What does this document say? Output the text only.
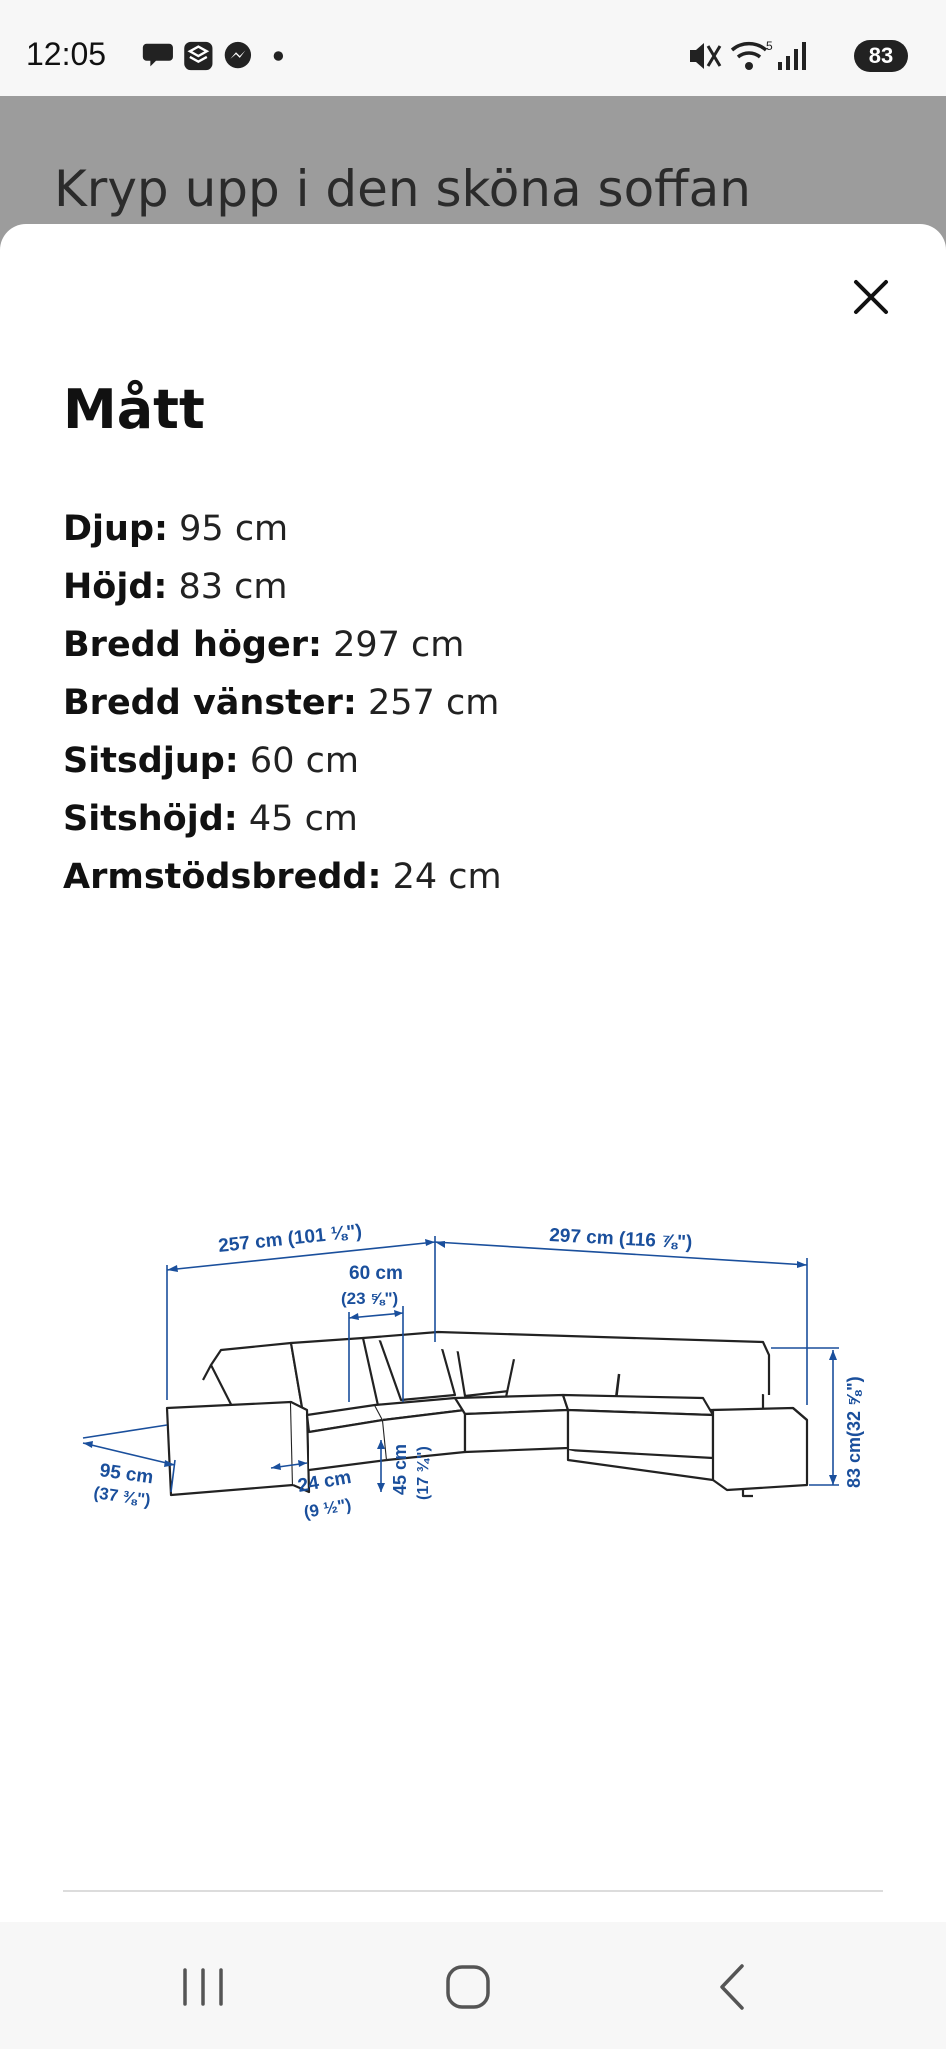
12:05	5	83
Kryp upp i den sköna soffan
Mått
Djup: 95 cm
Höjd: 83 cm
Bredd höger: 297 cm
Bredd vänster: 257 cm
Sitsdjup: 60 cm
Sitshöjd: 45 cm
Armstödsbredd: 24 cm
257 cm (101 ⅛")	297 cm (116 ⅞")
60 cm
(23 ⅝")
83 cm(32 ⅝")
95 cm
(37 ⅜")	24 cm
(9 ½")
45 cm (17 ¾")
